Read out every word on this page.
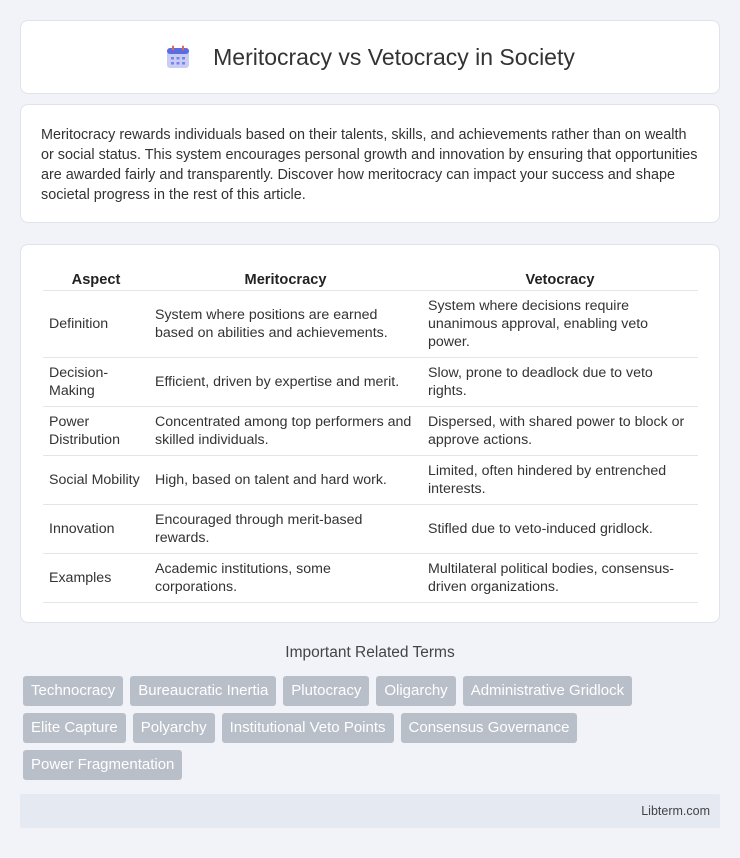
Meritocracy vs Vetocracy in Society

Meritocracy rewards individuals based on their talents, skills, and achievements rather than on wealth or social status. This system encourages personal growth and innovation by ensuring that opportunities are awarded fairly and transparently. Discover how meritocracy can impact your success and shape societal progress in the rest of this article.

Aspect	Meritocracy	Vetocracy
Definition	System where positions are earned based on abilities and achievements.	System where decisions require unanimous approval, enabling veto power.
Decision-Making	Efficient, driven by expertise and merit.	Slow, prone to deadlock due to veto rights.
Power Distribution	Concentrated among top performers and skilled individuals.	Dispersed, with shared power to block or approve actions.
Social Mobility	High, based on talent and hard work.	Limited, often hindered by entrenched interests.
Innovation	Encouraged through merit-based rewards.	Stifled due to veto-induced gridlock.
Examples	Academic institutions, some corporations.	Multilateral political bodies, consensus-driven organizations.
Important Related Terms
Technocracy	Bureaucratic Inertia	Plutocracy	Oligarchy	Administrative Gridlock
Elite Capture	Polyarchy	Institutional Veto Points	Consensus Governance
Power Fragmentation
Libterm.com
